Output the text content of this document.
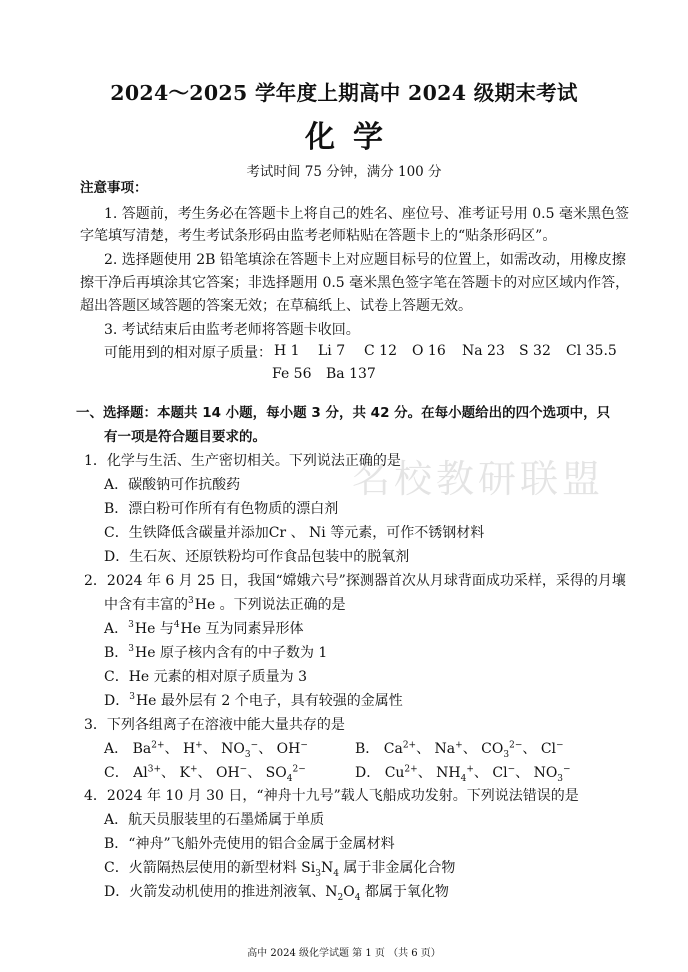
2024～2025 学年度上期高中 2024 级期末考试
化学
考试时间 75 分钟，满分 100 分
注意事项：
1. 答题前，考生务必在答题卡上将自己的姓名、座位号、准考证号用 0.5 毫米黑色签
字笔填写清楚，考生考试条形码由监考老师粘贴在答题卡上的“贴条形码区”。
2. 选择题使用 2B 铅笔填涂在答题卡上对应题目标号的位置上，如需改动，用橡皮擦
擦干净后再填涂其它答案；非选择题用 0.5 毫米黑色签字笔在答题卡的对应区域内作答，
超出答题区域答题的答案无效；在草稿纸上、试卷上答题无效。
3. 考试结束后由监考老师将答题卡收回。
可能用到的相对原子质量： H 1 Li 7 C 12 O 16 Na 23 S 32 Cl 35.5
Fe 56 Ba 137
一、选择题：本题共 14 小题，每小题 3 分，共 42 分。在每小题给出的四个选项中，只
有一项是符合题目要求的。
名校教研联盟
1．化学与生活、生产密切相关。下列说法正确的是
A．碳酸钠可作抗酸药
B．漂白粉可作所有有色物质的漂白剂
C．生铁降低含碳量并添加Cr 、 Ni 等元素，可作不锈钢材料
D．生石灰、还原铁粉均可作食品包装中的脱氧剂
2．2024 年 6 月 25 日，我国“嫦娥六号”探测器首次从月球背面成功采样，采得的月壤
中含有丰富的$^3$He 。下列说法正确的是
A．$^3$He 与$^4$He 互为同素异形体
B．$^3$He 原子核内含有的中子数为 1
C．He 元素的相对原子质量为 3
D．$^3$He 最外层有 2 个电子，具有较强的金属性
3．下列各组离子在溶液中能大量共存的是
A． $Ba^{2+}$、 H+、 $NO_3^-$、 OH−	B． $Ca^{2+}$、 Na+、 $CO_3^{2-}$、 Cl−
C． $Al^{3+}$、 K+、 OH−、 $SO_4^{2-}$	D． $Cu^{2+}$、 $NH_4^+$、 Cl−、 $NO_3^-$
4．2024 年 10 月 30 日，“神舟十九号”载人飞船成功发射。下列说法错误的是
A．航天员服装里的石墨烯属于单质
B．“神舟”飞船外壳使用的铝合金属于金属材料
C．火箭隔热层使用的新型材料 $Si_3N_4$ 属于非金属化合物
D．火箭发动机使用的推进剂液氧、$N_2O_4$ 都属于氧化物
高中 2024 级化学试题 第 1 页 （共 6 页）
